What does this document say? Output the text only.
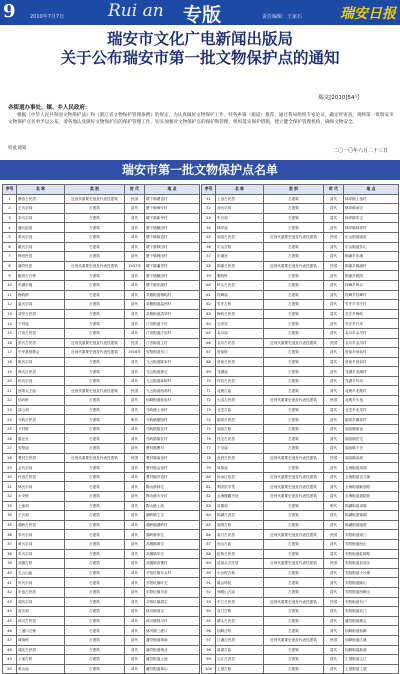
9	2010年7月7日	Rui an 专版	责任编辑：王家石	瑞安日报
瑞安市文化广电新闻出版局
关于公布瑞安市第一批文物保护点的通知
瑞文[2010]54号
各街道办事处、镇、乡人民政府：
根据《中华人民共和国文物保护法》和《浙江省文物保护管理条例》的规定，为认真做好文物保护工作，经各乡镇（街道）推荐，通过我局组织专家论证，确定经审查，现将第一批瑞安市文物保护点名单予以公布。请各地认真做好文物保护点的保护管理工作，切实加强对文物保护点的保护和管理，组织落实保护措施，建立健全保护管理机构，确保文物安全。
特此通知	二〇一〇年六月二十三日
瑞安市第一批文物保护点名单
序号	名 称	类 别	时 代	地 点
1	塘岙古民居	近现代重要史迹及代表性建筑	民国	塘下镇塘岙村
2	王氏宗祠	古建筑	清代	塘下镇海安村
3	李氏宗祠	古建筑	清代	塘下镇新华村
4	潘氏祖屋	古建筑	清代	塘下镇鲍田村
5	陈氏宗祠	古建筑	清代	塘下镇陈岙村
6	戴氏宗祠	古建筑	清代	塘下镇韩田村
7	韩田民居	古建筑	清代	塘下镇韩田村
8	潘岱民居	近现代重要史迹及代表性建筑	1937年	塘下镇潘岱村
9	鲍田古石桥	古建筑	清代	塘下镇鲍田村
10	东湖水闸	古建筑	清代	塘下镇东湖村
11	梅屿桥	古建筑	清代	莘塍街道梅屿村
12	温氏宗祠	古建筑	清代	莘塍街道温州村
13	清华古民居	古建筑	清代	莘塍街道清华村
14	下村庙	古建筑	清代	汀田街道下村
15	汀田古民居	古建筑	清代	汀田街道汀田村
16	张氏古民居	近现代重要史迹及代表性建筑	民国	汀田街道上村
17	中华基督教会	近现代重要史迹及代表性建筑	1916年	安阳街道东门
18	陈氏宗祠	古建筑	清代	飞云街道陈家村
19	林氏古民居	古建筑	清代	飞云街道林宅
20	孙氏宗祠	古建筑	清代	飞云街道孙桥村
21	西郊大王庙	近现代重要史迹及代表性建筑	民国	飞云街道西郊村
22	仙岩桥	古建筑	清代	仙降街道仙岩村
23	邵公祠	古建筑	清代	马屿镇上泉村
24	马屿古民居	古建筑	明代	马屿镇儒阳村
25	下村桥	古建筑	清代	马屿镇篁社村
26	篁社宫	古建筑	清代	马屿镇篁社村
27	安阳庙	古建筑	清代	曹村镇曹村
28	曹村古民居	近现代重要史迹及代表性建筑	民国	曹村镇南岙村
29	金氏宗祠	古建筑	清代	曹村镇金岙村
30	许岙古民居	古建筑	清代	曹村镇许岙村
31	林氏宗祠	古建筑	清代	陶山镇林宅
32	永安桥	古建筑	清代	陶山镇永安村
33	上池祠	古建筑	清代	陶山镇上池
34	王氏祠	古建筑	清代	湖岭镇王宅
35	湖岭古民居	古建筑	清代	湖岭镇湖岭村
36	李氏宗祠	古建筑	清代	湖岭镇李宅
37	黄氏宗祠	古建筑	清代	高楼镇黄宅
38	朱氏宗祠	古建筑	清代	高楼镇朱宅
39	高楼古桥	古建筑	清代	高楼镇高楼村
40	五云山庙	古建筑	清代	平阳坑镇东头村
41	叶氏宗祠	古建筑	清代	平阳坑镇叶宅
42	东岙古民居	古建筑	清代	平阳坑镇东岙
43	胡氏宗祠	古建筑	清代	平阳坑镇胡宅
44	周氏祠	古建筑	清代	林川镇周宅
45	林川古民居	古建筑	清代	林川镇林川村
46	三港口古桥	古建筑	清代	林川镇三港口
47	城南桥	古建筑	清代	潘岱街道城南
48	城北古民居	古建筑	清代	潘岱街道城北
49	上池古桥	古建筑	清代	潘岱街道上池
50	黄山庙	古建筑	清代	潘岱街道黄山
序号	名 称	类 别	时 代	地 点
51	上岙古民居	古建筑	清代	林垟镇上岙村
52	汤氏宗祠	古建筑	清代	林垟镇汤宅
53	朱氏祠	古建筑	清代	林垟镇朱宅
54	林垟庙	古建筑	清代	林垟镇林垟村
55	南岙古民居	近现代重要史迹及代表性建筑	民国	东山街道南岙
56	东山古桥	古建筑	清代	东山街道东山
57	东溪宫	古建筑	清代	桐浦乡东溪
58	桐浦古民居	近现代重要史迹及代表性建筑	民国	桐浦乡桐浦村
59	雅阳桥	古建筑	清代	桐浦乡雅阳
60	岭头古民居	古建筑	清代	桂峰乡岭头
61	桂峰庙	古建筑	清代	桂峰乡桂峰村
62	芳庄古桥	古建筑	清代	芳庄乡芳庄村
63	梅屿古民居	古建筑	清代	芳庄乡梅屿
64	石垟宫	古建筑	清代	芳庄乡石垟
65	金川庙	古建筑	清代	金川乡金川村
66	金川古民居	近现代重要史迹及代表性建筑	民国	金川乡金川村
67	营前桥	古建筑	清代	营前乡营前村
68	营前古民居	古建筑	清代	营前乡营前村
69	龙湖庙	古建筑	清代	龙湖乡龙湖村
70	垟坑古民居	古建筑	清代	龙湖乡垟坑
71	北麂古庙	古建筑	清代	北麂乡北麂村
72	大岙古民居	近现代重要史迹及代表性建筑	民国	北麂乡大岙
73	北龙古庙	古建筑	清代	北龙乡北龙村
74	顺泰古民居	古建筑	清代	顺泰乡顺泰村
75	丽岙古桥	古建筑	清代	丽岙镇丽岙
76	任宅古民居	古建筑	清代	丽岙镇任宅
77	下呈庙	古建筑	清代	丽岙镇下呈
78	岙底古民居	近现代重要史迹及代表性建筑	民国	丽岙镇岙底
79	凤翔庙	古建筑	清代	玉海街道凤翔
80	孙诒让故居	近现代重要史迹及代表性建筑	清代	玉海街道忠义街
81	利济医学堂	近现代重要史迹及代表性建筑	清代	玉海街道解放路
82	玉海楼藏书处	近现代重要史迹及代表性建筑	清代	玉海街道道院前
83	卓敬祠	古建筑	明代	锦湖街道卓敬
84	锦湖古民居	古建筑	清代	锦湖街道锦湖
85	南堤古桥	古建筑	清代	锦湖街道南堤
86	南门古民居	近现代重要史迹及代表性建筑	民国	安阳街道南门
87	西山古庙	古建筑	清代	安阳街道西山
88	虹桥古民居	古建筑	清代	安阳街道虹桥路
89	县前头古民居	近现代重要史迹及代表性建筑	民国	安阳街道县前头
90	小沙堤古桥	古建筑	清代	安阳街道小沙堤
91	隆山塔院	古建筑	清代	安阳街道隆山
92	西岘山古庙	古建筑	清代	安阳街道西岘山
93	东门古民居	近现代重要史迹及代表性建筑	民国	安阳街道东门
94	北门古桥	古建筑	清代	安阳街道北门
95	塘头古民居	古建筑	清代	潘岱街道塘头
96	仙降古桥	古建筑	清代	仙降街道仙降
97	江溪古民居	近现代重要史迹及代表性建筑	民国	仙降街道江溪
98	新渥古庙	古建筑	清代	仙降街道新渥
99	云江古民居	古建筑	清代	上望街道云江
100	上望古桥	古建筑	清代	上望街道上望
